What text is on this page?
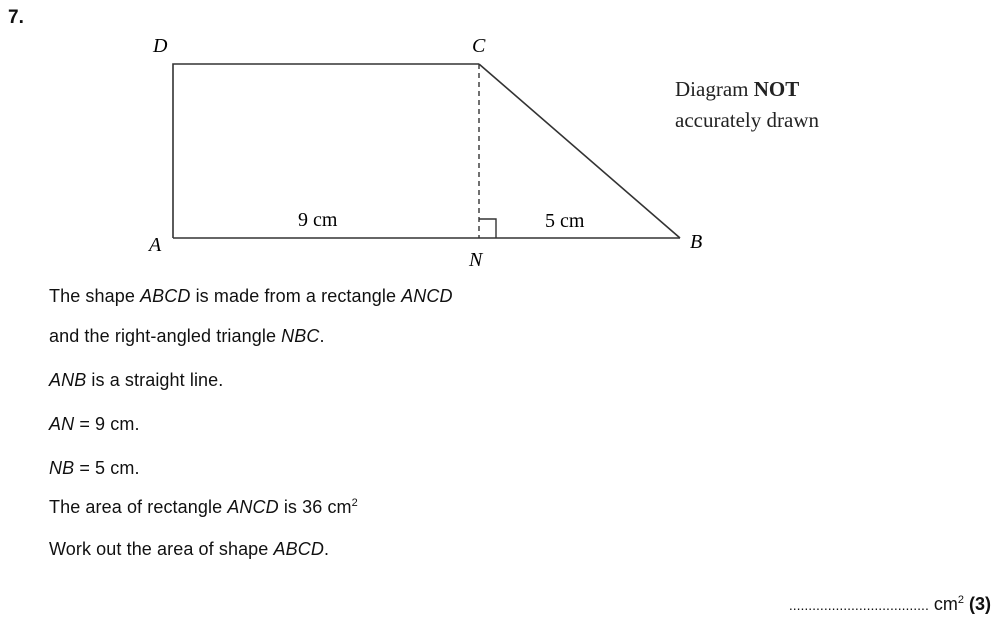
7.
D	C
A
N
B
9 cm	5 cm
Diagram NOT
accurately drawn
The shape ABCD is made from a rectangle ANCD
and the right-angled triangle NBC.
ANB is a straight line.
AN = 9 cm.
NB = 5 cm.
The area of rectangle ANCD is 36 $cm^2$
Work out the area of shape ABCD.
.................................... $cm^2$ (3)
